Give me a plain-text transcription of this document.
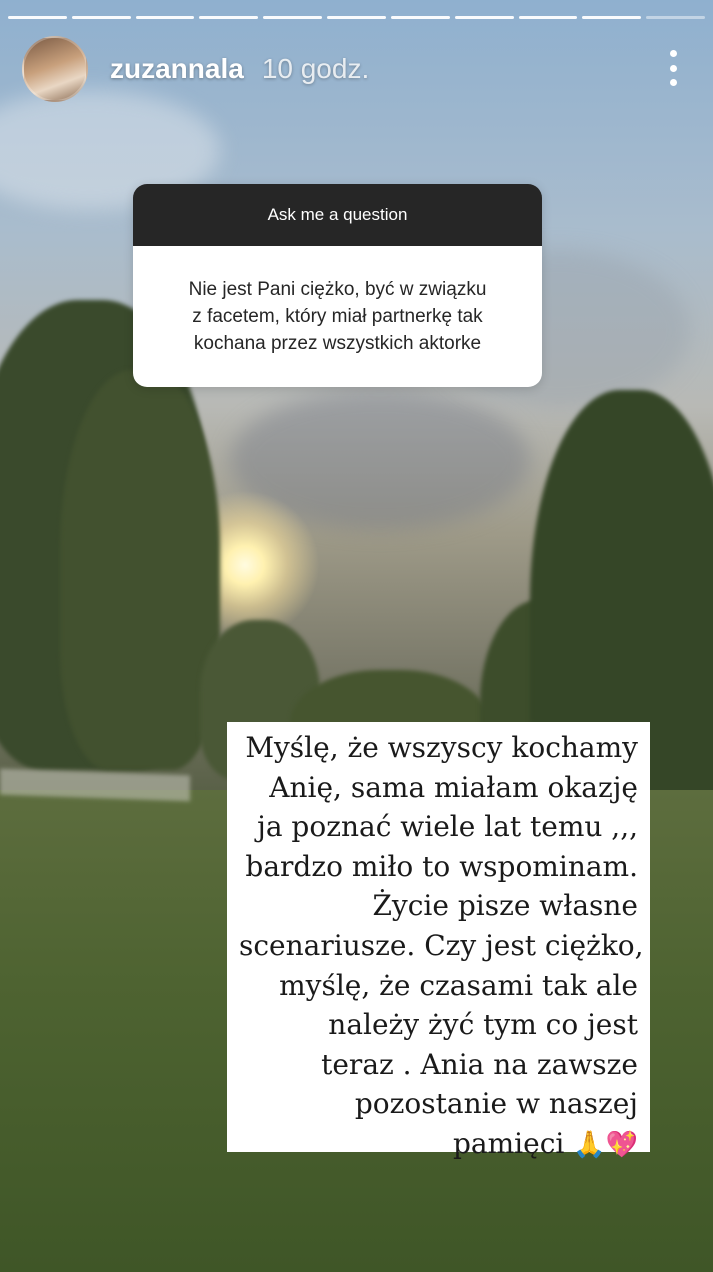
zuzannala 10 godz.
Ask me a question
Nie jest Pani ciężko, być w związku
z facetem, który miał partnerkę tak
kochana przez wszystkich aktorke
Myślę, że wszyscy kochamy
Anię, sama miałam okazję
ja poznać wiele lat temu ,,,
bardzo miło to wspominam.
Życie pisze własne
scenariusze. Czy jest ciężko,
myślę, że czasami tak ale
należy żyć tym co jest
teraz . Ania na zawsze
pozostanie w naszej
pamięci 🙏💖
